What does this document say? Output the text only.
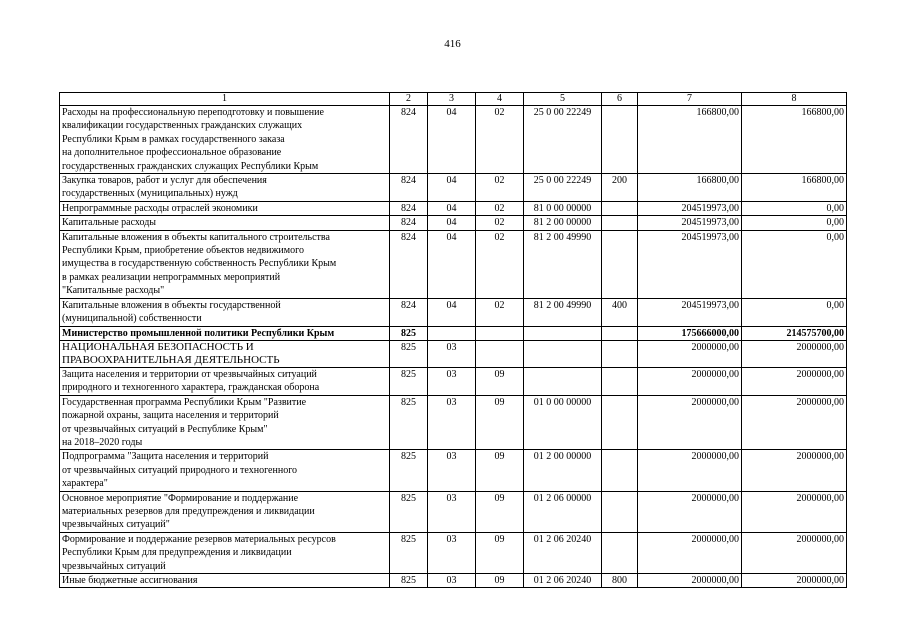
416
1	2	3	4	5	6	7	8
Расходы на профессиональную переподготовку и повышение
квалификации государственных гражданских служащих
Республики Крым в рамках государственного заказа
на дополнительное профессиональное образование
государственных гражданских служащих Республики Крым	824	04	02	25 0 00 22249		166800,00	166800,00
Закупка товаров, работ и услуг для обеспечения
государственных (муниципальных) нужд	824	04	02	25 0 00 22249	200	166800,00	166800,00
Непрограммные расходы отраслей экономики	824	04	02	81 0 00 00000		204519973,00	0,00
Капитальные расходы	824	04	02	81 2 00 00000		204519973,00	0,00
Капитальные вложения в объекты капитального строительства
Республики Крым, приобретение объектов недвижимого
имущества в государственную собственность Республики Крым
в рамках реализации непрограммных мероприятий
"Капитальные расходы"	824	04	02	81 2 00 49990		204519973,00	0,00
Капитальные вложения в объекты государственной
(муниципальной) собственности	824	04	02	81 2 00 49990	400	204519973,00	0,00
Министерство промышленной политики Республики Крым	825					175666000,00	214575700,00
НАЦИОНАЛЬНАЯ БЕЗОПАСНОСТЬ И
ПРАВООХРАНИТЕЛЬНАЯ ДЕЯТЕЛЬНОСТЬ	825	03				2000000,00	2000000,00
Защита населения и территории от чрезвычайных ситуаций
природного и техногенного характера, гражданская оборона	825	03	09			2000000,00	2000000,00
Государственная программа Республики Крым "Развитие
пожарной охраны, защита населения и территорий
от чрезвычайных ситуаций в Республике Крым"
на 2018–2020 годы	825	03	09	01 0 00 00000		2000000,00	2000000,00
Подпрограмма "Защита населения и территорий
от чрезвычайных ситуаций природного и техногенного
характера"	825	03	09	01 2 00 00000		2000000,00	2000000,00
Основное мероприятие "Формирование и поддержание
материальных резервов для предупреждения и ликвидации
чрезвычайных ситуаций"	825	03	09	01 2 06 00000		2000000,00	2000000,00
Формирование и поддержание резервов материальных ресурсов
Республики Крым для предупреждения и ликвидации
чрезвычайных ситуаций	825	03	09	01 2 06 20240		2000000,00	2000000,00
Иные бюджетные ассигнования	825	03	09	01 2 06 20240	800	2000000,00	2000000,00
